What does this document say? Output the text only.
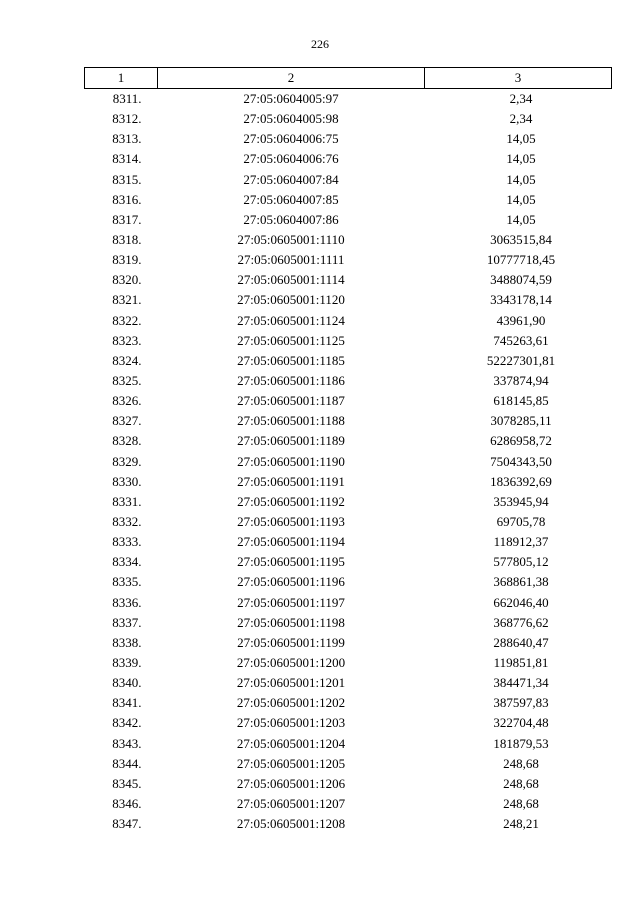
226
1	2	3
8311.	27:05:0604005:97	2,34
8312.	27:05:0604005:98	2,34
8313.	27:05:0604006:75	14,05
8314.	27:05:0604006:76	14,05
8315.	27:05:0604007:84	14,05
8316.	27:05:0604007:85	14,05
8317.	27:05:0604007:86	14,05
8318.	27:05:0605001:1110	3063515,84
8319.	27:05:0605001:1111	10777718,45
8320.	27:05:0605001:1114	3488074,59
8321.	27:05:0605001:1120	3343178,14
8322.	27:05:0605001:1124	43961,90
8323.	27:05:0605001:1125	745263,61
8324.	27:05:0605001:1185	52227301,81
8325.	27:05:0605001:1186	337874,94
8326.	27:05:0605001:1187	618145,85
8327.	27:05:0605001:1188	3078285,11
8328.	27:05:0605001:1189	6286958,72
8329.	27:05:0605001:1190	7504343,50
8330.	27:05:0605001:1191	1836392,69
8331.	27:05:0605001:1192	353945,94
8332.	27:05:0605001:1193	69705,78
8333.	27:05:0605001:1194	118912,37
8334.	27:05:0605001:1195	577805,12
8335.	27:05:0605001:1196	368861,38
8336.	27:05:0605001:1197	662046,40
8337.	27:05:0605001:1198	368776,62
8338.	27:05:0605001:1199	288640,47
8339.	27:05:0605001:1200	119851,81
8340.	27:05:0605001:1201	384471,34
8341.	27:05:0605001:1202	387597,83
8342.	27:05:0605001:1203	322704,48
8343.	27:05:0605001:1204	181879,53
8344.	27:05:0605001:1205	248,68
8345.	27:05:0605001:1206	248,68
8346.	27:05:0605001:1207	248,68
8347.	27:05:0605001:1208	248,21
